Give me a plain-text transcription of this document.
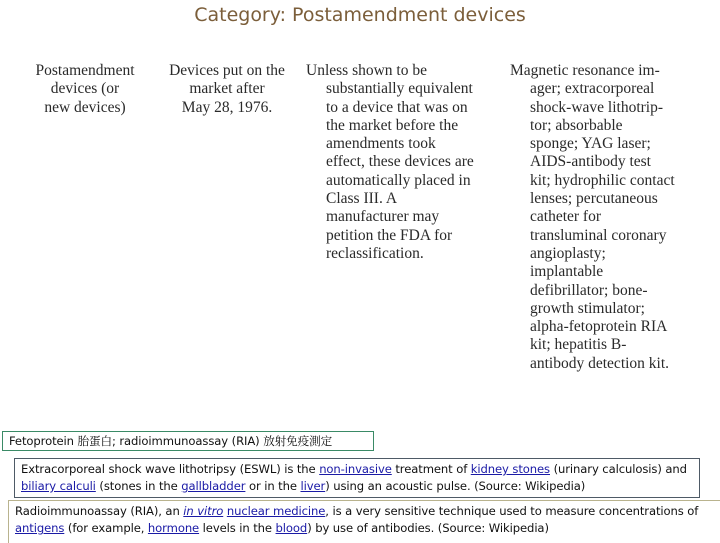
Category: Postamendment devices
Postamendment
devices (or
new devices)
Devices put on the
market after
May 28, 1976.
Unless shown to be
substantially equivalent
to a device that was on
the market before the
amendments took
effect, these devices are
automatically placed in
Class III. A
manufacturer may
petition the FDA for
reclassification.
Magnetic resonance im-
ager; extracorporeal
shock-wave lithotrip-
tor; absorbable
sponge; YAG laser;
AIDS-antibody test
kit; hydrophilic contact
lenses; percutaneous
catheter for
transluminal coronary
angioplasty;
implantable
defibrillator; bone-
growth stimulator;
alpha-fetoprotein RIA
kit; hepatitis B-
antibody detection kit.
Fetoprotein 胎蛋白; radioimmunoassay (RIA) 放射免疫測定
Extracorporeal shock wave lithotripsy (ESWL) is the non-invasive treatment of kidney stones (urinary calculosis) and
biliary calculi (stones in the gallbladder or in the liver) using an acoustic pulse. (Source: Wikipedia)
Radioimmunoassay (RIA), an in vitro nuclear medicine, is a very sensitive technique used to measure concentrations of
antigens (for example, hormone levels in the blood) by use of antibodies. (Source: Wikipedia)
